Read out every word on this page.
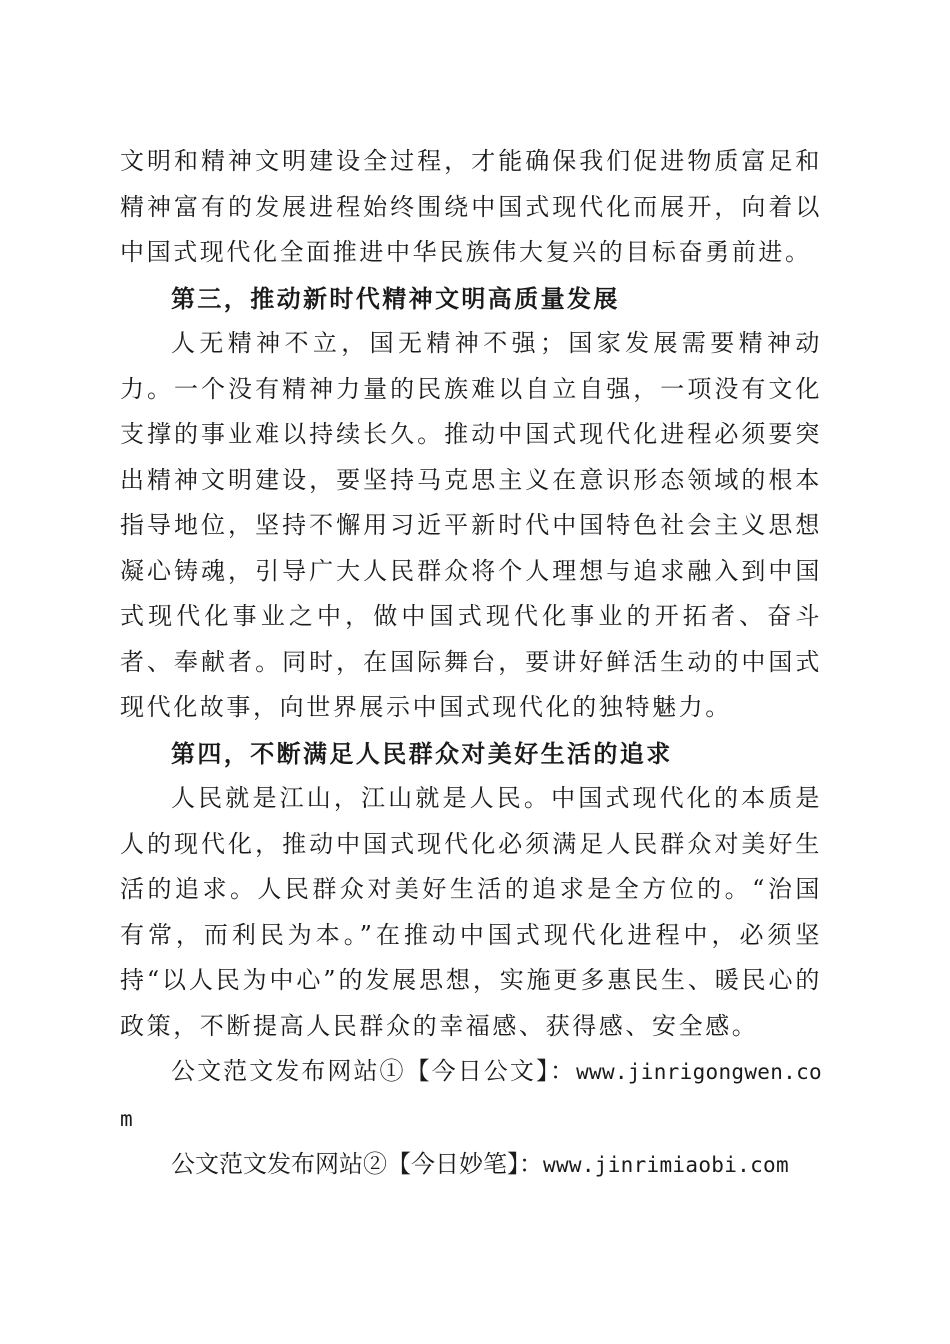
文明和精神文明建设全过程，才能确保我们促进物质富足和精神富有的发展进程始终围绕中国式现代化而展开，向着以中国式现代化全面推进中华民族伟大复兴的目标奋勇前进。

第三，推动新时代精神文明高质量发展

人无精神不立，国无精神不强；国家发展需要精神动力。一个没有精神力量的民族难以自立自强，一项没有文化支撑的事业难以持续长久。推动中国式现代化进程必须要突出精神文明建设，要坚持马克思主义在意识形态领域的根本指导地位，坚持不懈用习近平新时代中国特色社会主义思想凝心铸魂，引导广大人民群众将个人理想与追求融入到中国式现代化事业之中，做中国式现代化事业的开拓者、奋斗者、奉献者。同时，在国际舞台，要讲好鲜活生动的中国式现代化故事，向世界展示中国式现代化的独特魅力。

第四，不断满足人民群众对美好生活的追求

人民就是江山，江山就是人民。中国式现代化的本质是人的现代化，推动中国式现代化必须满足人民群众对美好生活的追求。人民群众对美好生活的追求是全方位的。“治国有常，而利民为本。”在推动中国式现代化进程中，必须坚持“以人民为中心”的发展思想，实施更多惠民生、暖民心的政策，不断提高人民群众的幸福感、获得感、安全感。

公文范文发布网站①【今日公文】：www.jinrigongwen.com

公文范文发布网站②【今日妙笔】：www.jinrimiaobi.com
